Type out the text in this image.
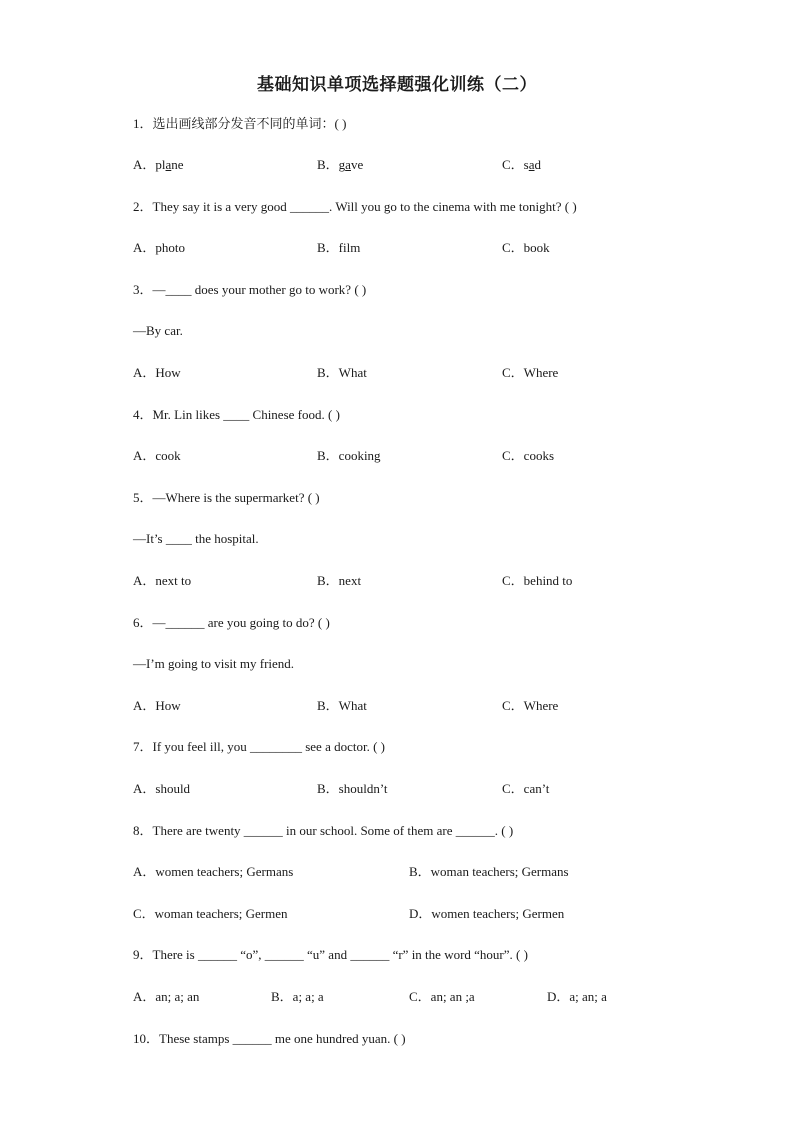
基础知识单项选择题强化训练（二）
1．选出画线部分发音不同的单词：( )
A．plane	B．gave	C．sad
2．They say it is a very good ______. Will you go to the cinema with me tonight? ( )
A．photo	B．film	C．book
3．—____ does your mother go to work? ( )
—By car.
A．How	B．What	C．Where
4．Mr. Lin likes ____ Chinese food. ( )
A．cook	B．cooking	C．cooks
5．—Where is the supermarket? ( )
—It’s ____ the hospital.
A．next to	B．next	C．behind to
6．—______ are you going to do? ( )
—I’m going to visit my friend.
A．How	B．What	C．Where
7．If you feel ill, you ________ see a doctor. ( )
A．should	B．shouldn’t	C．can’t
8．There are twenty ______ in our school. Some of them are ______. ( )
A．women teachers; Germans	B．woman teachers; Germans
C．woman teachers; Germen	D．women teachers; Germen
9．There is ______ “o”, ______ “u” and ______ “r” in the word “hour”. ( )
A．an; a; an	B．a; a; a	C．an; an ;a	D．a; an; a
10．These stamps ______ me one hundred yuan. ( )
